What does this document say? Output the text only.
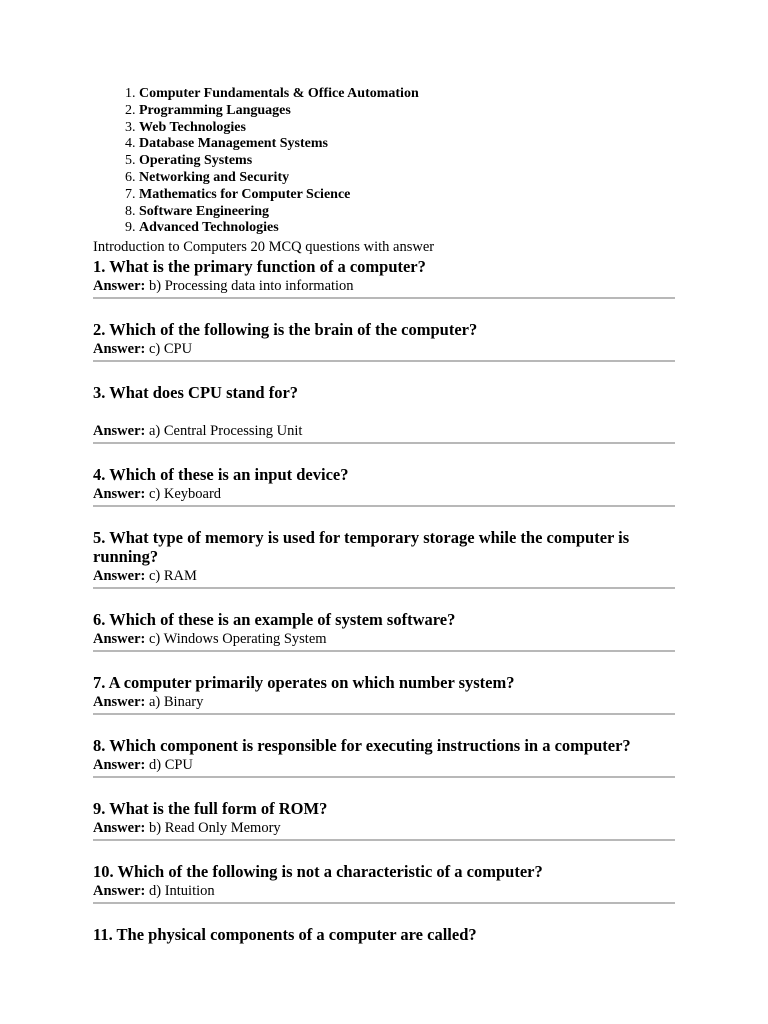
1. Computer Fundamentals & Office Automation
2. Programming Languages
3. Web Technologies
4. Database Management Systems
5. Operating Systems
6. Networking and Security
7. Mathematics for Computer Science
8. Software Engineering
9. Advanced Technologies

Introduction to Computers 20 MCQ questions with answer

1. What is the primary function of a computer?

Answer: b) Processing data into information

2. Which of the following is the brain of the computer?

Answer: c) CPU

3. What does CPU stand for?

Answer: a) Central Processing Unit

4. Which of these is an input device?

Answer: c) Keyboard

5. What type of memory is used for temporary storage while the computer is running?

Answer: c) RAM

6. Which of these is an example of system software?

Answer: c) Windows Operating System

7. A computer primarily operates on which number system?

Answer: a) Binary

8. Which component is responsible for executing instructions in a computer?

Answer: d) CPU

9. What is the full form of ROM?

Answer: b) Read Only Memory

10. Which of the following is not a characteristic of a computer?

Answer: d) Intuition

11. The physical components of a computer are called?
